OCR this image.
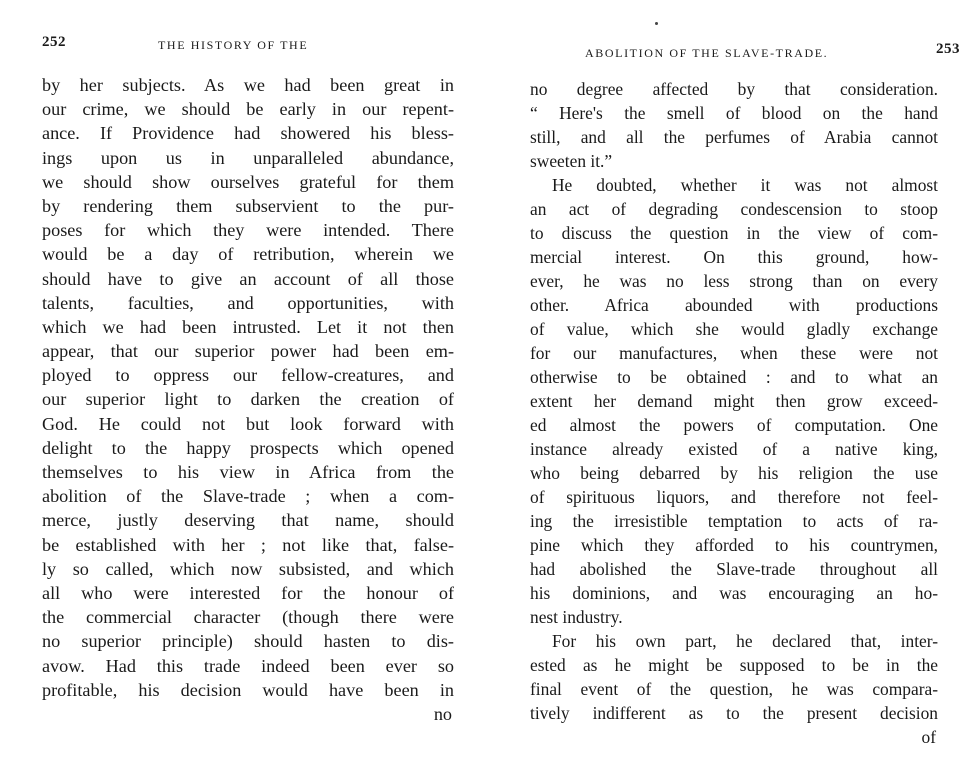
252	THE HISTORY OF THE
by her subjects. As we had been great in
our crime, we should be early in our repent-
ance. If Providence had showered his bless-
ings upon us in unparalleled abundance,
we should show ourselves grateful for them
by rendering them subservient to the pur-
poses for which they were intended. There
would be a day of retribution, wherein we
should have to give an account of all those
talents, faculties, and opportunities, with
which we had been intrusted. Let it not then
appear, that our superior power had been em-
ployed to oppress our fellow-creatures, and
our superior light to darken the creation of
God. He could not but look forward with
delight to the happy prospects which opened
themselves to his view in Africa from the
abolition of the Slave-trade ; when a com-
merce, justly deserving that name, should
be established with her ; not like that, false-
ly so called, which now subsisted, and which
all who were interested for the honour of
the commercial character (though there were
no superior principle) should hasten to dis-
avow. Had this trade indeed been ever so
profitable, his decision would have been in
no
ABOLITION OF THE SLAVE-TRADE.	253
no degree affected by that consideration.
“ Here's the smell of blood on the hand
still, and all the perfumes of Arabia cannot
sweeten it.”
He doubted, whether it was not almost
an act of degrading condescension to stoop
to discuss the question in the view of com-
mercial interest. On this ground, how-
ever, he was no less strong than on every
other. Africa abounded with productions
of value, which she would gladly exchange
for our manufactures, when these were not
otherwise to be obtained : and to what an
extent her demand might then grow exceed-
ed almost the powers of computation. One
instance already existed of a native king,
who being debarred by his religion the use
of spirituous liquors, and therefore not feel-
ing the irresistible temptation to acts of ra-
pine which they afforded to his countrymen,
had abolished the Slave-trade throughout all
his dominions, and was encouraging an ho-
nest industry.
For his own part, he declared that, inter-
ested as he might be supposed to be in the
final event of the question, he was compara-
tively indifferent as to the present decision
of
